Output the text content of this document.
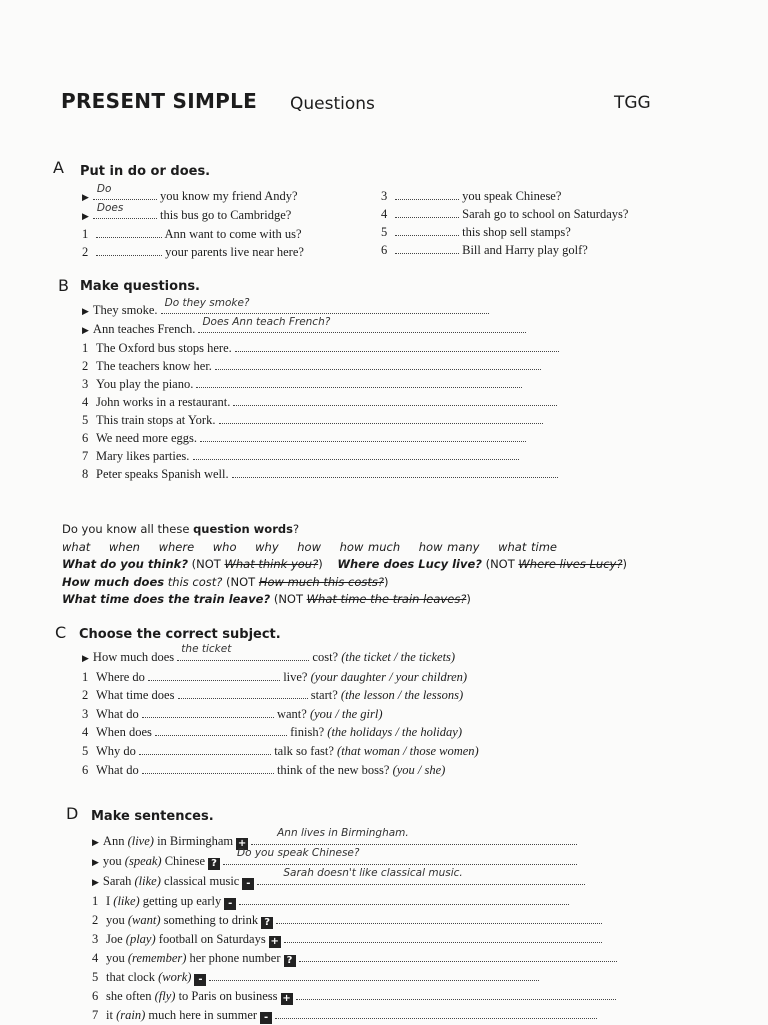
PRESENT SIMPLE Questions	TGG
A Put in do or does.
▶
Do	you know my friend Andy?
▶
Does	this bus go to Cambridge?
1	Ann want to come with us?
2	your parents live near here?
3	you speak Chinese?
4	Sarah go to school on Saturdays?
5	this shop sell stamps?
6	Bill and Harry play golf?
B Make questions.
▶ They smoke. Do they smoke?
▶ Ann teaches French. Does Ann teach French?
1 The Oxford bus stops here.
2 The teachers know her.
3 You play the piano.
4 John works in a restaurant.
5 This train stops at York.
6 We need more eggs.
7 Mary likes parties.
8 Peter speaks Spanish well.
Do you know all these question words?
what when where who why how how much how many what time
What do you think? (NOT What think you?) Where does Lucy live? (NOT Where lives Lucy?)
How much does this cost? (NOT How much this costs?)
What time does the train leave? (NOT What time the train leaves?)
C Choose the correct subject.
▶ How much does
the ticket
cost? (the ticket / the tickets)
1 Where do	live? (your daughter / your children)
2 What time does	start? (the lesson / the lessons)
3 What do	want? (you / the girl)
4 When does	finish? (the holidays / the holiday)
5 Why do	talk so fast? (that woman / those women)
6 What do	think of the new boss? (you / she)
D Make sentences.
▶ Ann (live) in Birmingham +
Ann lives in Birmingham.
▶ you (speak) Chinese ?
Do you speak Chinese?
▶ Sarah (like) classical music -
Sarah doesn't like classical music.
1 I (like) getting up early -
2 you (want) something to drink ?
3 Joe (play) football on Saturdays +
4 you (remember) her phone number ?
5 that clock (work) -
6 she often (fly) to Paris on business +
7 it (rain) much here in summer -
